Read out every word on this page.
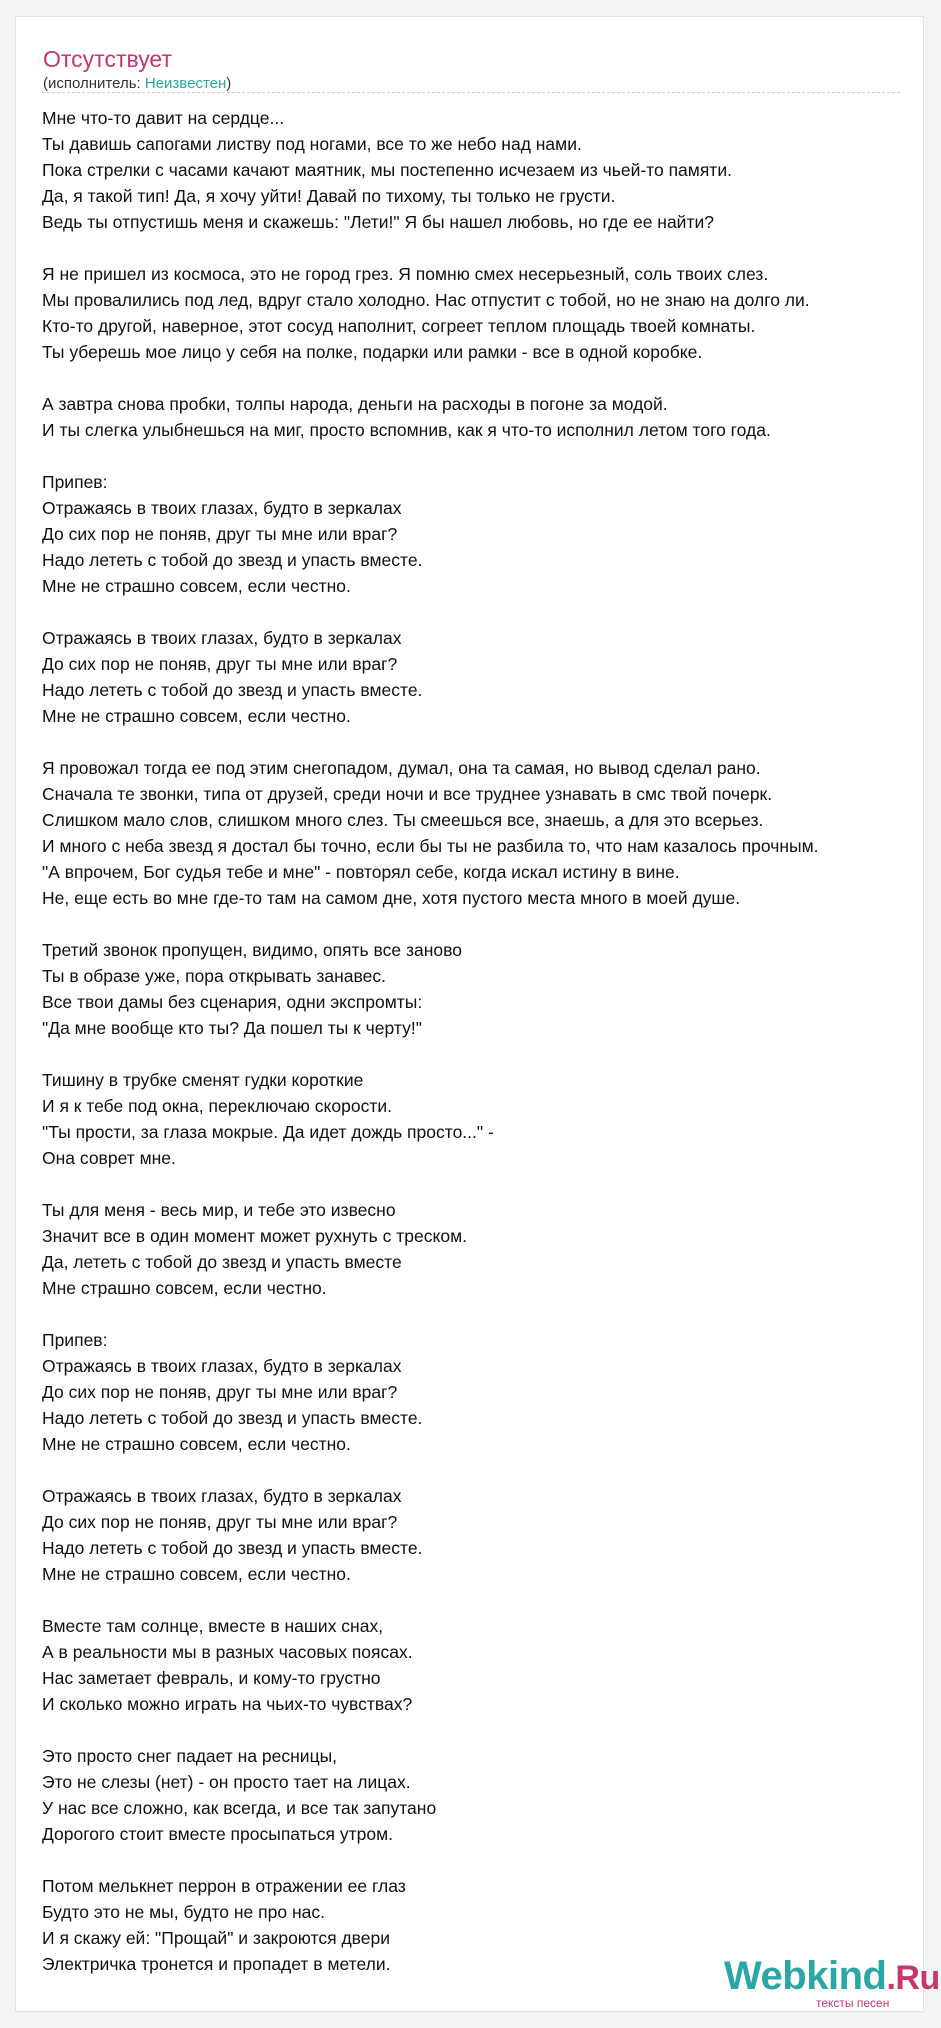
Отсутствует
(исполнитель: Неизвестен)
Мне что-то давит на сердце...
Ты давишь сапогами листву под ногами, все то же небо над нами.
Пока стрелки с часами качают маятник, мы постепенно исчезаем из чьей-то памяти.
Да, я такой тип! Да, я хочу уйти! Давай по тихому, ты только не грусти.
Ведь ты отпустишь меня и скажешь: "Лети!" Я бы нашел любовь, но где ее найти?
Я не пришел из космоса, это не город грез. Я помню смех несерьезный, соль твоих слез.
Мы провалились под лед, вдруг стало холодно. Нас отпустит с тобой, но не знаю на долго ли.
Кто-то другой, наверное, этот сосуд наполнит, согреет теплом площадь твоей комнаты.
Ты уберешь мое лицо у себя на полке, подарки или рамки - все в одной коробке.
А завтра снова пробки, толпы народа, деньги на расходы в погоне за модой.
И ты слегка улыбнешься на миг, просто вспомнив, как я что-то исполнил летом того года.
Припев:
Отражаясь в твоих глазах, будто в зеркалах
До сих пор не поняв, друг ты мне или враг?
Надо лететь с тобой до звезд и упасть вместе.
Мне не страшно совсем, если честно.
Отражаясь в твоих глазах, будто в зеркалах
До сих пор не поняв, друг ты мне или враг?
Надо лететь с тобой до звезд и упасть вместе.
Мне не страшно совсем, если честно.
Я провожал тогда ее под этим снегопадом, думал, она та самая, но вывод сделал рано.
Сначала те звонки, типа от друзей, среди ночи и все труднее узнавать в смс твой почерк.
Слишком мало слов, слишком много слез. Ты смеешься все, знаешь, а для это всерьез.
И много с неба звезд я достал бы точно, если бы ты не разбила то, что нам казалось прочным.
"А впрочем, Бог судья тебе и мне" - повторял себе, когда искал истину в вине.
Не, еще есть во мне где-то там на самом дне, хотя пустого места много в моей душе.
Третий звонок пропущен, видимо, опять все заново
Ты в образе уже, пора открывать занавес.
Все твои дамы без сценария, одни экспромты:
"Да мне вообще кто ты? Да пошел ты к черту!"
Тишину в трубке сменят гудки короткие
И я к тебе под окна, переключаю скорости.
"Ты прости, за глаза мокрые. Да идет дождь просто..." -
Она соврет мне.
Ты для меня - весь мир, и тебе это извесно
Значит все в один момент может рухнуть с треском.
Да, лететь с тобой до звезд и упасть вместе
Мне страшно совсем, если честно.
Припев:
Отражаясь в твоих глазах, будто в зеркалах
До сих пор не поняв, друг ты мне или враг?
Надо лететь с тобой до звезд и упасть вместе.
Мне не страшно совсем, если честно.
Отражаясь в твоих глазах, будто в зеркалах
До сих пор не поняв, друг ты мне или враг?
Надо лететь с тобой до звезд и упасть вместе.
Мне не страшно совсем, если честно.
Вместе там солнце, вместе в наших снах,
А в реальности мы в разных часовых поясах.
Нас заметает февраль, и кому-то грустно
И сколько можно играть на чьих-то чувствах?
Это просто снег падает на ресницы,
Это не слезы (нет) - он просто тает на лицах.
У нас все сложно, как всегда, и все так запутано
Дорогого стоит вместе просыпаться утром.
Потом мелькнет перрон в отражении ее глаз
Будто это не мы, будто не про нас.
И я скажу ей: "Прощай" и закроются двери
Электричка тронется и пропадет в метели.	Webkind.Ru
тексты песен
